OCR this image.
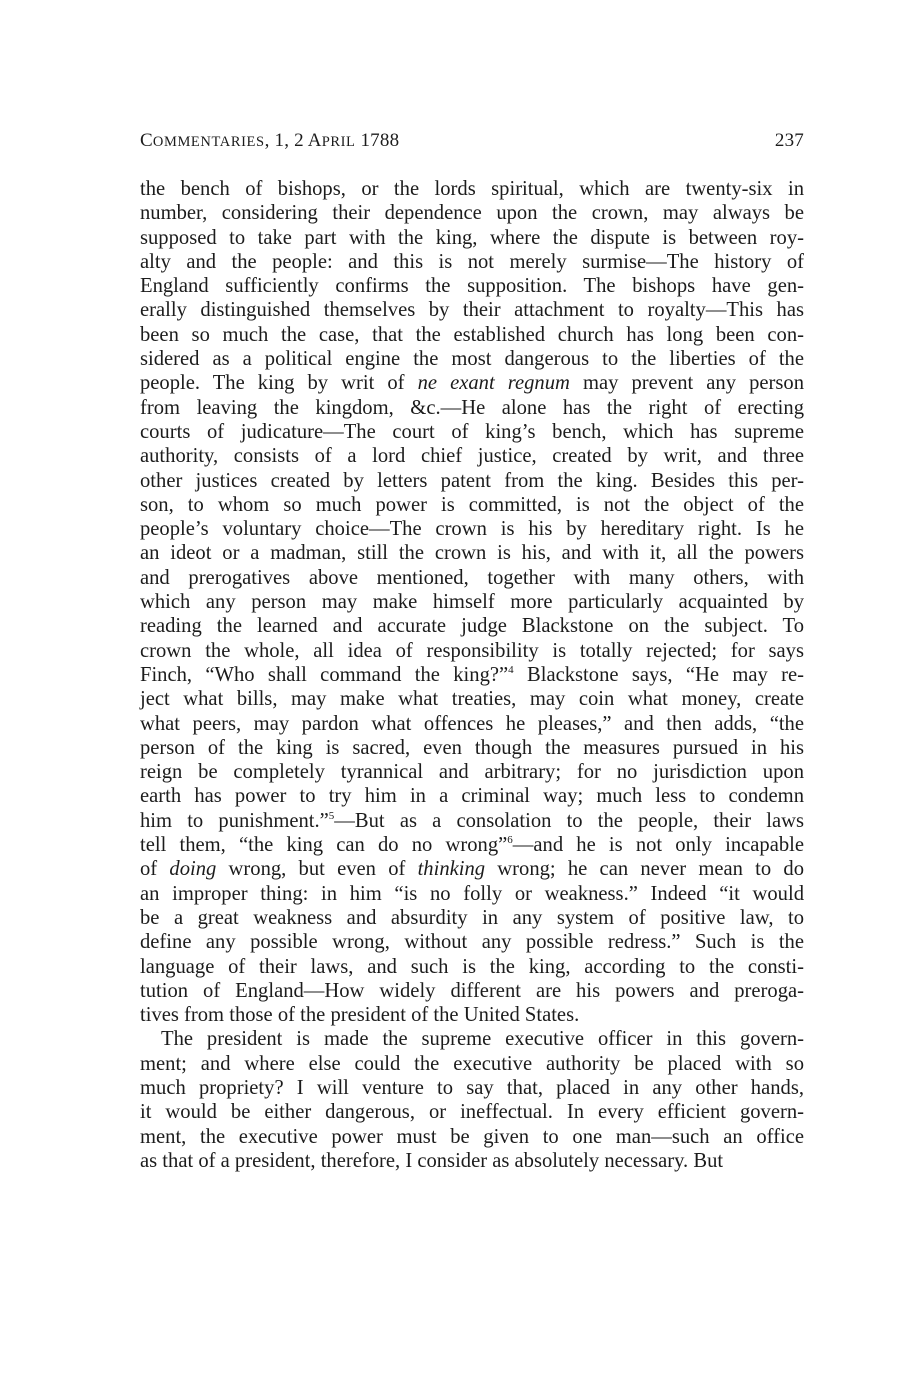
COMMENTARIES, 1, 2 APRIL 1788	237
the bench of bishops, or the lords spiritual, which are twenty-six in
number, considering their dependence upon the crown, may always be
supposed to take part with the king, where the dispute is between roy-
alty and the people: and this is not merely surmise—The history of
England sufficiently confirms the supposition. The bishops have gen-
erally distinguished themselves by their attachment to royalty—This has
been so much the case, that the established church has long been con-
sidered as a political engine the most dangerous to the liberties of the
people. The king by writ of ne exant regnum may prevent any person
from leaving the kingdom, &c.—He alone has the right of erecting
courts of judicature—The court of king’s bench, which has supreme
authority, consists of a lord chief justice, created by writ, and three
other justices created by letters patent from the king. Besides this per-
son, to whom so much power is committed, is not the object of the
people’s voluntary choice—The crown is his by hereditary right. Is he
an ideot or a madman, still the crown is his, and with it, all the powers
and prerogatives above mentioned, together with many others, with
which any person may make himself more particularly acquainted by
reading the learned and accurate judge Blackstone on the subject. To
crown the whole, all idea of responsibility is totally rejected; for says
Finch, “Who shall command the king?”$^4$ Blackstone says, “He may re-
ject what bills, may make what treaties, may coin what money, create
what peers, may pardon what offences he pleases,” and then adds, “the
person of the king is sacred, even though the measures pursued in his
reign be completely tyrannical and arbitrary; for no jurisdiction upon
earth has power to try him in a criminal way; much less to condemn
him to punishment.”$^5$—But as a consolation to the people, their laws
tell them, “the king can do no wrong”$^6$—and he is not only incapable
of doing wrong, but even of thinking wrong; he can never mean to do
an improper thing: in him “is no folly or weakness.” Indeed “it would
be a great weakness and absurdity in any system of positive law, to
define any possible wrong, without any possible redress.” Such is the
language of their laws, and such is the king, according to the consti-
tution of England—How widely different are his powers and preroga-
tives from those of the president of the United States.
The president is made the supreme executive officer in this govern-
ment; and where else could the executive authority be placed with so
much propriety? I will venture to say that, placed in any other hands,
it would be either dangerous, or ineffectual. In every efficient govern-
ment, the executive power must be given to one man—such an office
as that of a president, therefore, I consider as absolutely necessary. But
